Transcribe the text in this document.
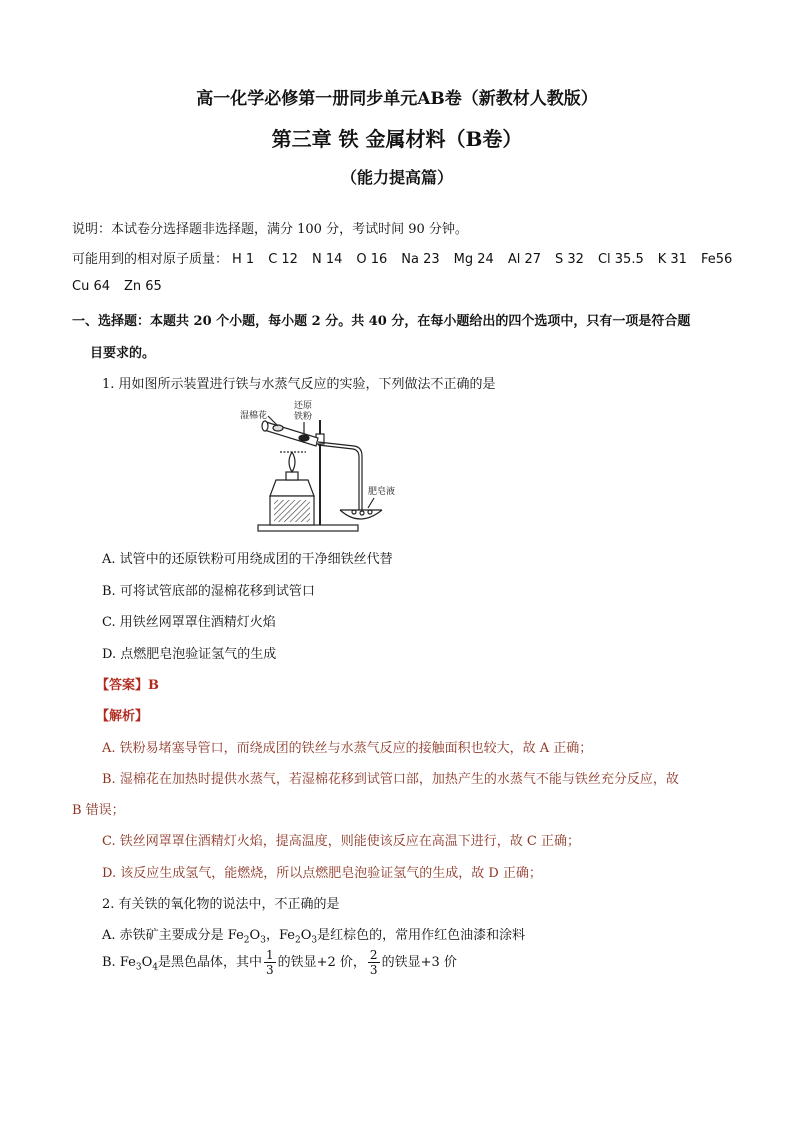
高一化学必修第一册同步单元AB卷（新教材人教版）
第三章 铁 金属材料（B卷）
（能力提高篇）
说明：本试卷分选择题非选择题，满分 100 分，考试时间 90 分钟。
可能用到的相对原子质量： H 1 C 12 N 14 O 16 Na 23 Mg 24 Al 27 S 32 Cl 35.5 K 31 Fe56
Cu 64 Zn 65
一、选择题：本题共 20 个小题，每小题 2 分。共 40 分，在每小题给出的四个选项中，只有一项是符合题
目要求的。
1. 用如图所示装置进行铁与水蒸气反应的实验，下列做法不正确的是
湿棉花
还原
铁粉
肥皂液
A. 试管中的还原铁粉可用绕成团的干净细铁丝代替
B. 可将试管底部的湿棉花移到试管口
C. 用铁丝网罩罩住酒精灯火焰
D. 点燃肥皂泡验证氢气的生成
【答案】B
【解析】
A. 铁粉易堵塞导管口，而绕成团的铁丝与水蒸气反应的接触面积也较大，故 A 正确；
B. 湿棉花在加热时提供水蒸气，若湿棉花移到试管口部，加热产生的水蒸气不能与铁丝充分反应，故
B 错误；
C. 铁丝网罩罩住酒精灯火焰，提高温度，则能使该反应在高温下进行，故 C 正确；
D. 该反应生成氢气，能燃烧，所以点燃肥皂泡验证氢气的生成，故 D 正确；
2. 有关铁的氧化物的说法中，不正确的是
A. 赤铁矿主要成分是 $Fe_2O_3$，$Fe_2O_3$是红棕色的，常用作红色油漆和涂料
B. $Fe_3O_4$是黑色晶体，其中 $\frac{1}{3}$ 的铁显+2 价， $\frac{2}{3}$ 的铁显+3 价
